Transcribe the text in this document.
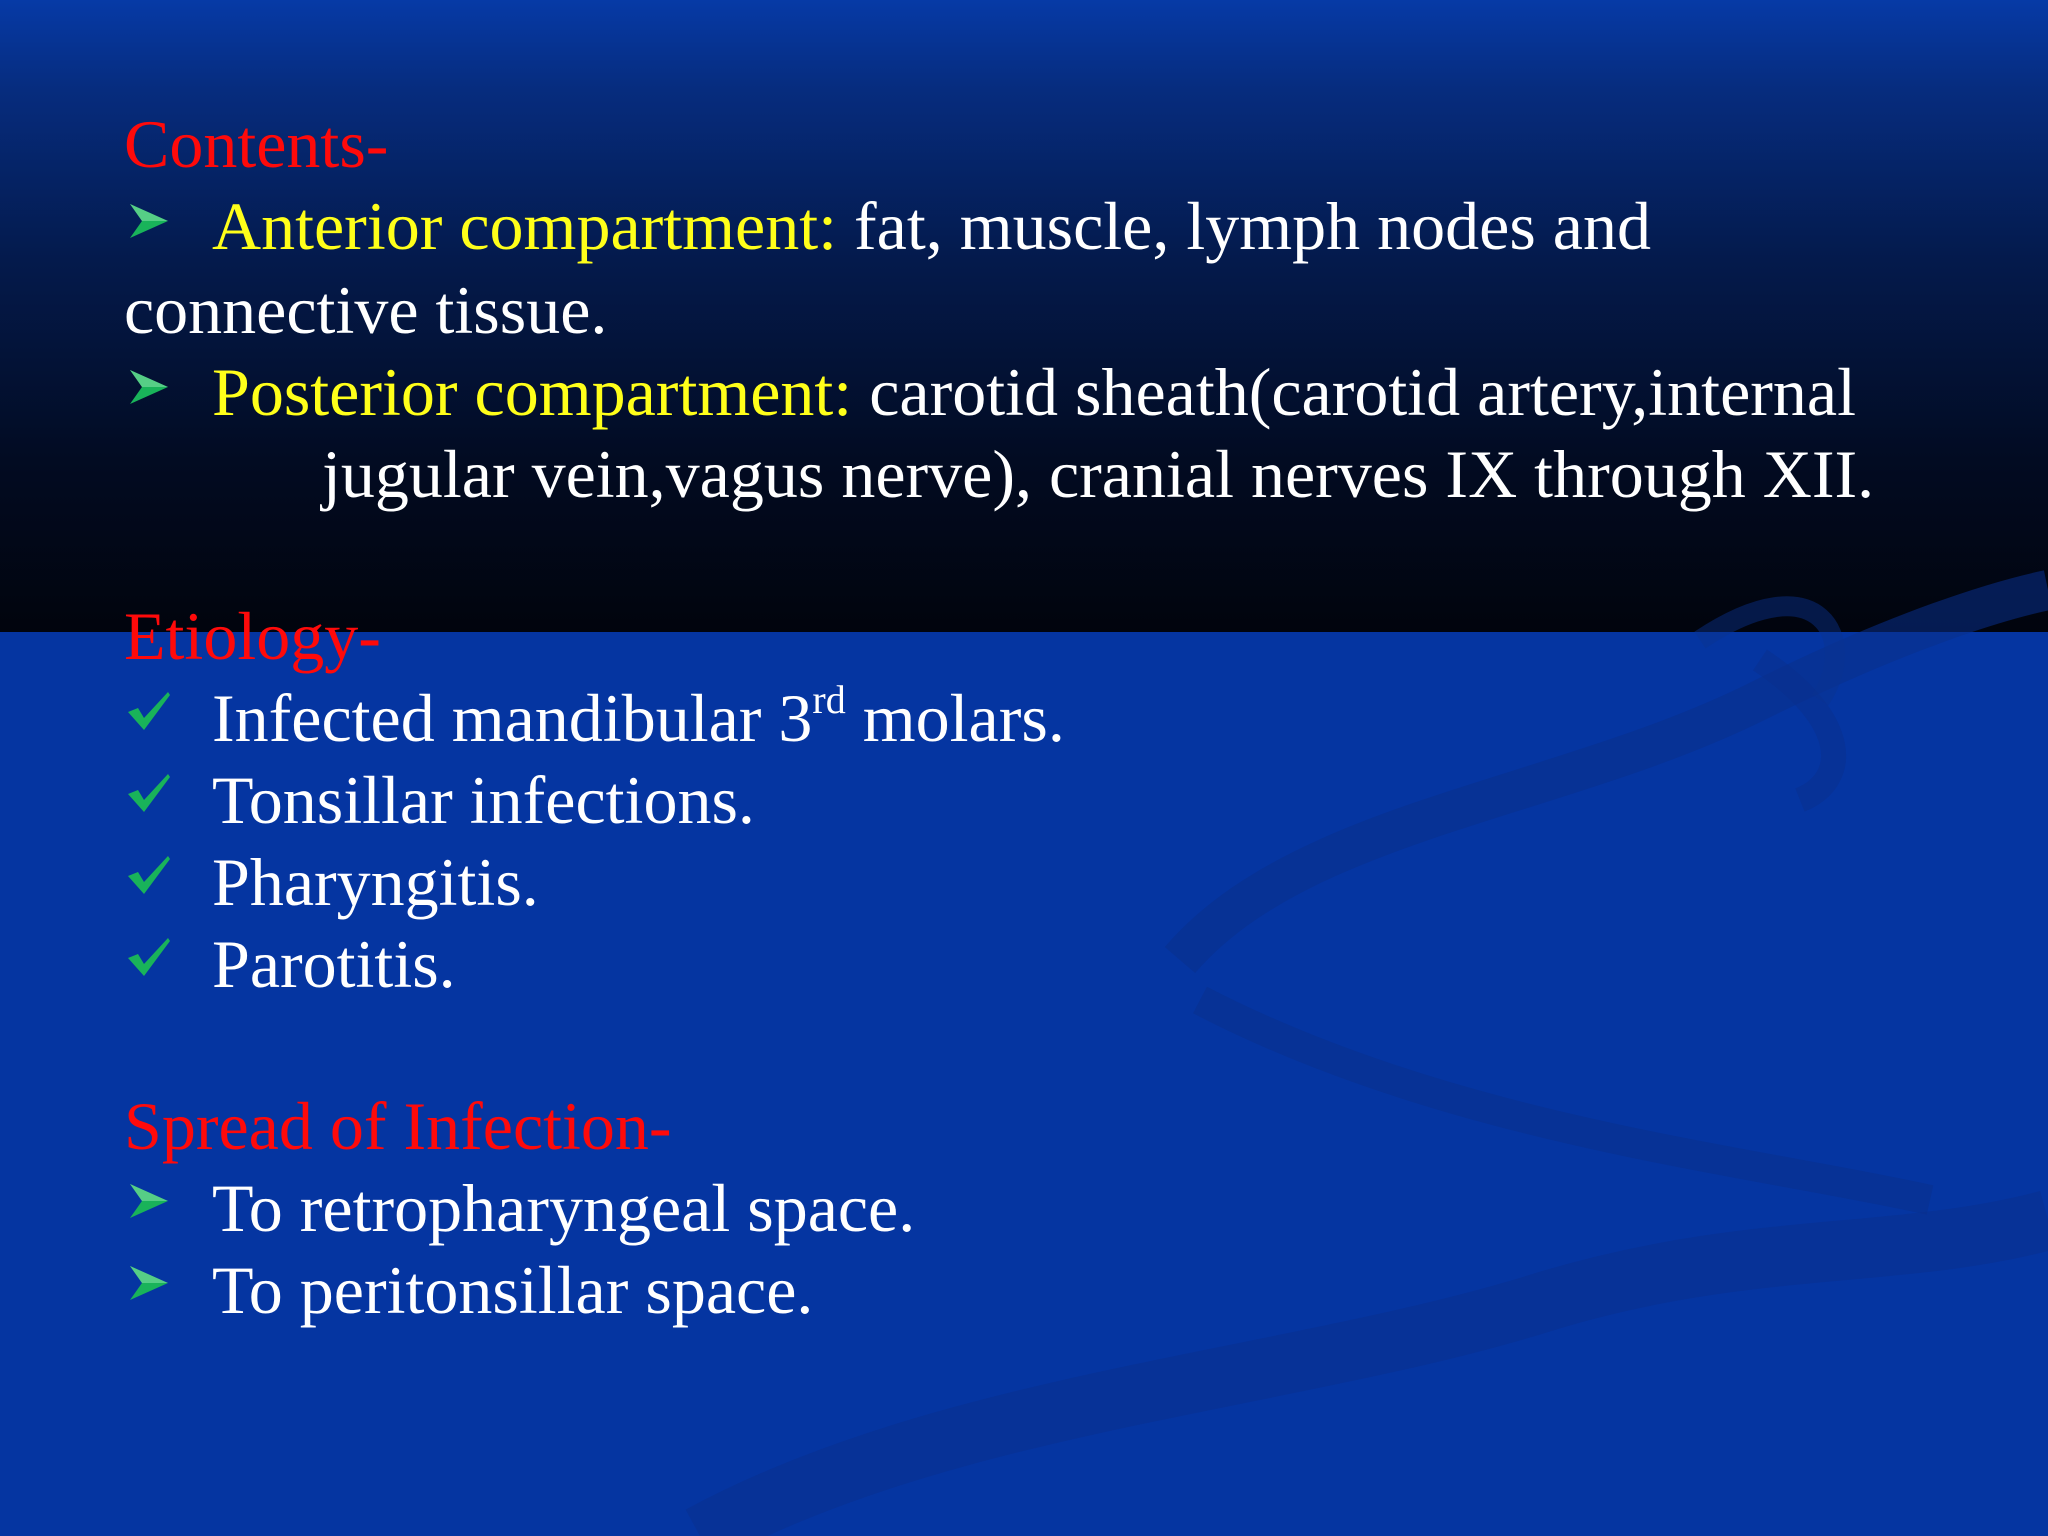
Contents-
Anterior compartment: fat, muscle, lymph nodes and
connective tissue.
Posterior compartment: carotid sheath(carotid artery,internal
jugular vein,vagus nerve), cranial nerves IX through XII.
Etiology-
Infected mandibular 3rd molars.
Tonsillar infections.
Pharyngitis.
Parotitis.
Spread of Infection-
To retropharyngeal space.
To peritonsillar space.
